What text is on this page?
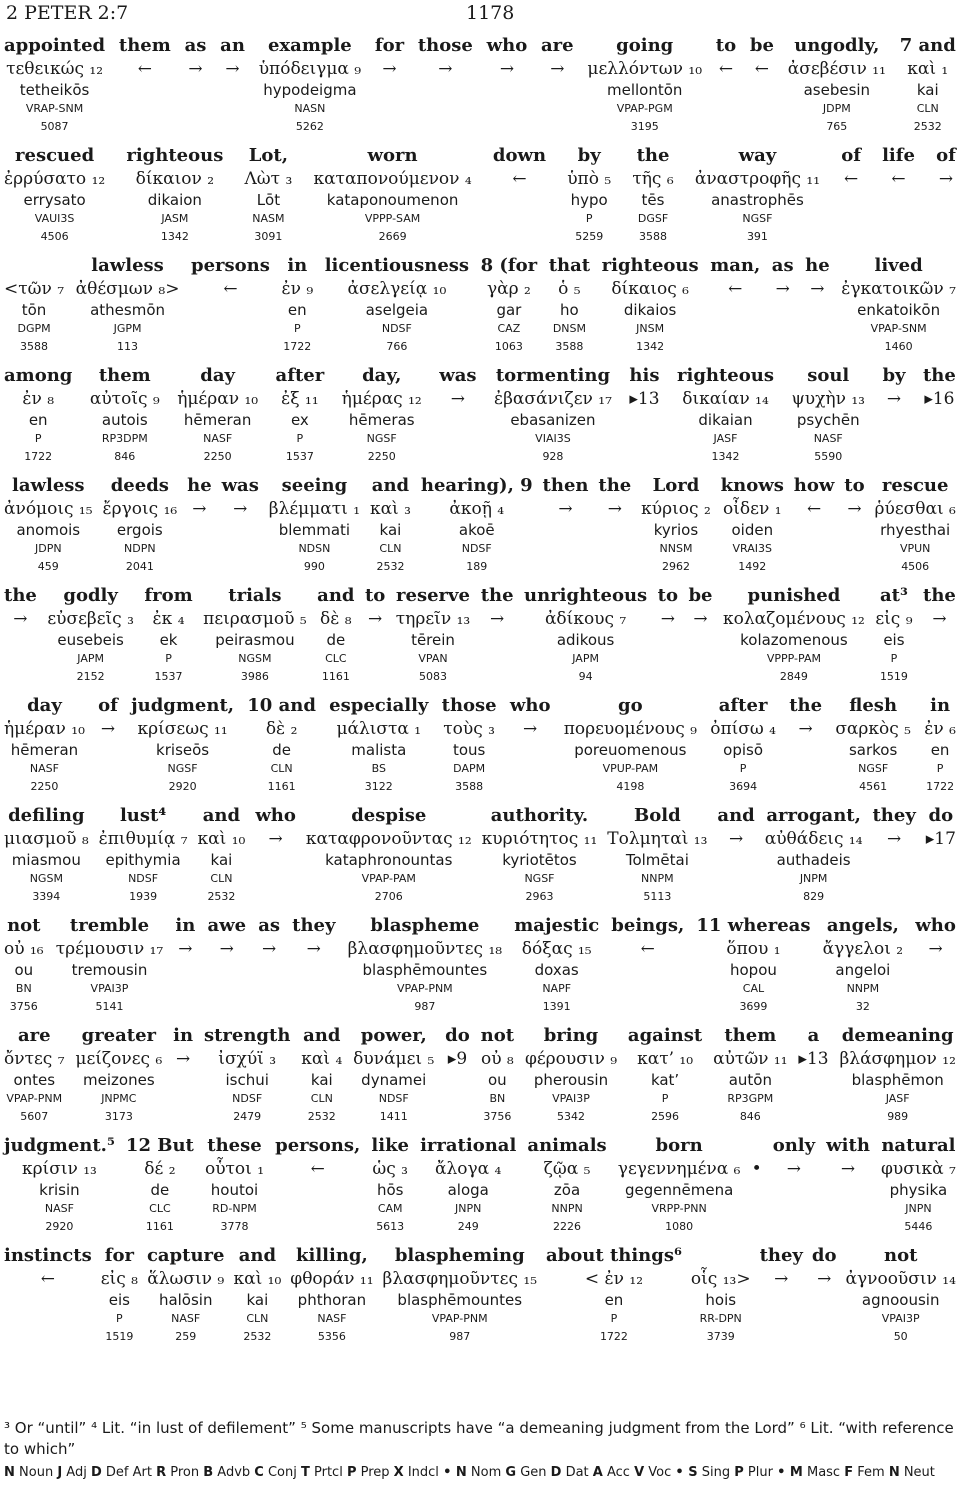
2 PETER 2:7	1178
appointed
τεθεικώς ₁₂
tetheikōs
VRAP-SNM
5087
them
←
as
→
an
→
example
ὑπόδειγμα ₉
hypodeigma
NASN
5262
for
→
those
→
who
→
are
→
going
μελλόντων ₁₀
mellontōn
VPAP-PGM
3195
to
←
be
←
ungodly,
ἀσεβέσιν ₁₁
asebesin
JDPM
765
7 and
καὶ ₁
kai
CLN
2532
rescued
ἐρρύσατο ₁₂
errysato
VAUI3S
4506
righteous
δίκαιον ₂
dikaion
JASM
1342
Lot,
Λὼτ ₃
Lōt
NASM
3091
worn
καταπονούμενον ₄
kataponoumenon
VPPP-SAM
2669
down
←
by
ὑπὸ ₅
hypo
P
5259
the
τῆς ₆
tēs
DGSF
3588
way
ἀναστροφῆς ₁₁
anastrophēs
NGSF
391
of
←
life
←
of
→
<τῶν ₇
tōn
DGPM
3588
lawless
ἀθέσμων ₈>
athesmōn
JGPM
113
persons
←
in
ἐν ₉
en
P
1722
licentiousness
ἀσελγείᾳ ₁₀
aselgeia
NDSF
766
8 (for
γὰρ ₂
gar
CAZ
1063
that
ὁ ₅
ho
DNSM
3588
righteous
δίκαιος ₆
dikaios
JNSM
1342
man,
←
as
→
he
→
lived
ἐγκατοικῶν ₇
enkatoikōn
VPAP-SNM
1460
among
ἐν ₈
en
P
1722
them
αὐτοῖς ₉
autois
RP3DPM
846
day
ἡμέραν ₁₀
hēmeran
NASF
2250
after
ἐξ ₁₁
ex
P
1537
day,
ἡμέρας ₁₂
hēmeras
NGSF
2250
was
→
tormenting
ἐβασάνιζεν ₁₇
ebasanizen
VIAI3S
928
his
▸13
righteous
δικαίαν ₁₄
dikaian
JASF
1342
soul
ψυχὴν ₁₃
psychēn
NASF
5590
by
→
the
▸16
lawless
ἀνόμοις ₁₅
anomois
JDPN
459
deeds
ἔργοις ₁₆
ergois
NDPN
2041
he
→
was
→
seeing
βλέμματι ₁
blemmati
NDSN
990
and
καὶ ₃
kai
CLN
2532
hearing), 9
ἀκοῇ ₄
akoē
NDSF
189
then
→
the
→
Lord
κύριος ₂
kyrios
NNSM
2962
knows
οἶδεν ₁
oiden
VRAI3S
1492
how
←
to
→
rescue
ῥύεσθαι ₆
rhyesthai
VPUN
4506
the
→
godly
εὐσεβεῖς ₃
eusebeis
JAPM
2152
from
ἐκ ₄
ek
P
1537
trials
πειρασμοῦ ₅
peirasmou
NGSM
3986
and
δὲ ₈
de
CLC
1161
to
→
reserve
τηρεῖν ₁₃
tērein
VPAN
5083
the
→
unrighteous
ἀδίκους ₇
adikous
JAPM
94
to
→
be
→
punished
κολαζομένους ₁₂
kolazomenous
VPPP-PAM
2849
at³
εἰς ₉
eis
P
1519
the
→
day
ἡμέραν ₁₀
hēmeran
NASF
2250
of
→
judgment,
κρίσεως ₁₁
kriseōs
NGSF
2920
10 and
δὲ ₂
de
CLN
1161
especially
μάλιστα ₁
malista
BS
3122
those
τοὺς ₃
tous
DAPM
3588
who
→
go
πορευομένους ₉
poreuomenous
VPUP-PAM
4198
after
ὀπίσω ₄
opisō
P
3694
the
→
flesh
σαρκὸς ₅
sarkos
NGSF
4561
in
ἐν ₆
en
P
1722
defiling
μιασμοῦ ₈
miasmou
NGSM
3394
lust⁴
ἐπιθυμίᾳ ₇
epithymia
NDSF
1939
and
καὶ ₁₀
kai
CLN
2532
who
→
despise
καταφρονοῦντας ₁₂
kataphronountas
VPAP-PAM
2706
authority.
κυριότητος ₁₁
kyriotētos
NGSF
2963
Bold
Τολμηταὶ ₁₃
Tolmētai
NNPM
5113
and
→
arrogant,
αὐθάδεις ₁₄
authadeis
JNPM
829
they
→
do
▸17
not
οὐ ₁₆
ou
BN
3756
tremble
τρέμουσιν ₁₇
tremousin
VPAI3P
5141
in
→
awe
→
as
→
they
→
blaspheme
βλασφημοῦντες ₁₈
blasphēmountes
VPAP-PNM
987
majestic
δόξας ₁₅
doxas
NAPF
1391
beings,
←
11 whereas
ὅπου ₁
hopou
CAL
3699
angels,
ἄγγελοι ₂
angeloi
NNPM
32
who
→
are
ὄντες ₇
ontes
VPAP-PNM
5607
greater
μείζονες ₆
meizones
JNPMC
3173
in
→
strength
ἰσχύϊ ₃
ischui
NDSF
2479
and
καὶ ₄
kai
CLN
2532
power,
δυνάμει ₅
dynamei
NDSF
1411
do
▸9
not
οὐ ₈
ou
BN
3756
bring
φέρουσιν ₉
pherousin
VPAI3P
5342
against
κατ’ ₁₀
kat’
P
2596
them
αὐτῶν ₁₁
autōn
RP3GPM
846
a
▸13
demeaning
βλάσφημον ₁₂
blasphēmon
JASF
989
judgment.⁵
κρίσιν ₁₃
krisin
NASF
2920
12 But
δέ ₂
de
CLC
1161
these
οὗτοι ₁
houtoi
RD-NPM
3778
persons,
←
like
ὡς ₃
hōs
CAM
5613
irrational
ἄλογα ₄
aloga
JNPN
249
animals
ζῷα ₅
zōa
NNPN
2226
born
γεγεννημένα ₆
gegennēmena
VRPP-PNN
1080
•
only
→
with
→
natural
φυσικὰ ₇
physika
JNPN
5446
instincts
←
for
εἰς ₈
eis
P
1519
capture
ἅλωσιν ₉
halōsin
NASF
259
and
καὶ ₁₀
kai
CLN
2532
killing,
φθοράν ₁₁
phthoran
NASF
5356
blaspheming
βλασφημοῦντες ₁₅
blasphēmountes
VPAP-PNM
987
about things⁶
< ἐν ₁₂
en
P
1722
οἷς ₁₃>
hois
RR-DPN
3739
they
→
do
→
not
ἀγνοοῦσιν ₁₄
agnoousin
VPAI3P
50
³ Or “until” ⁴ Lit. “in lust of defilement” ⁵ Some manuscripts have “a demeaning judgment from the Lord” ⁶ Lit. “with reference to which”
N Noun J Adj D Def Art R Pron B Advb C Conj T Prtcl P Prep X Indcl • N Nom G Gen D Dat A Acc V Voc • S Sing P Plur • M Masc F Fem N Neut
